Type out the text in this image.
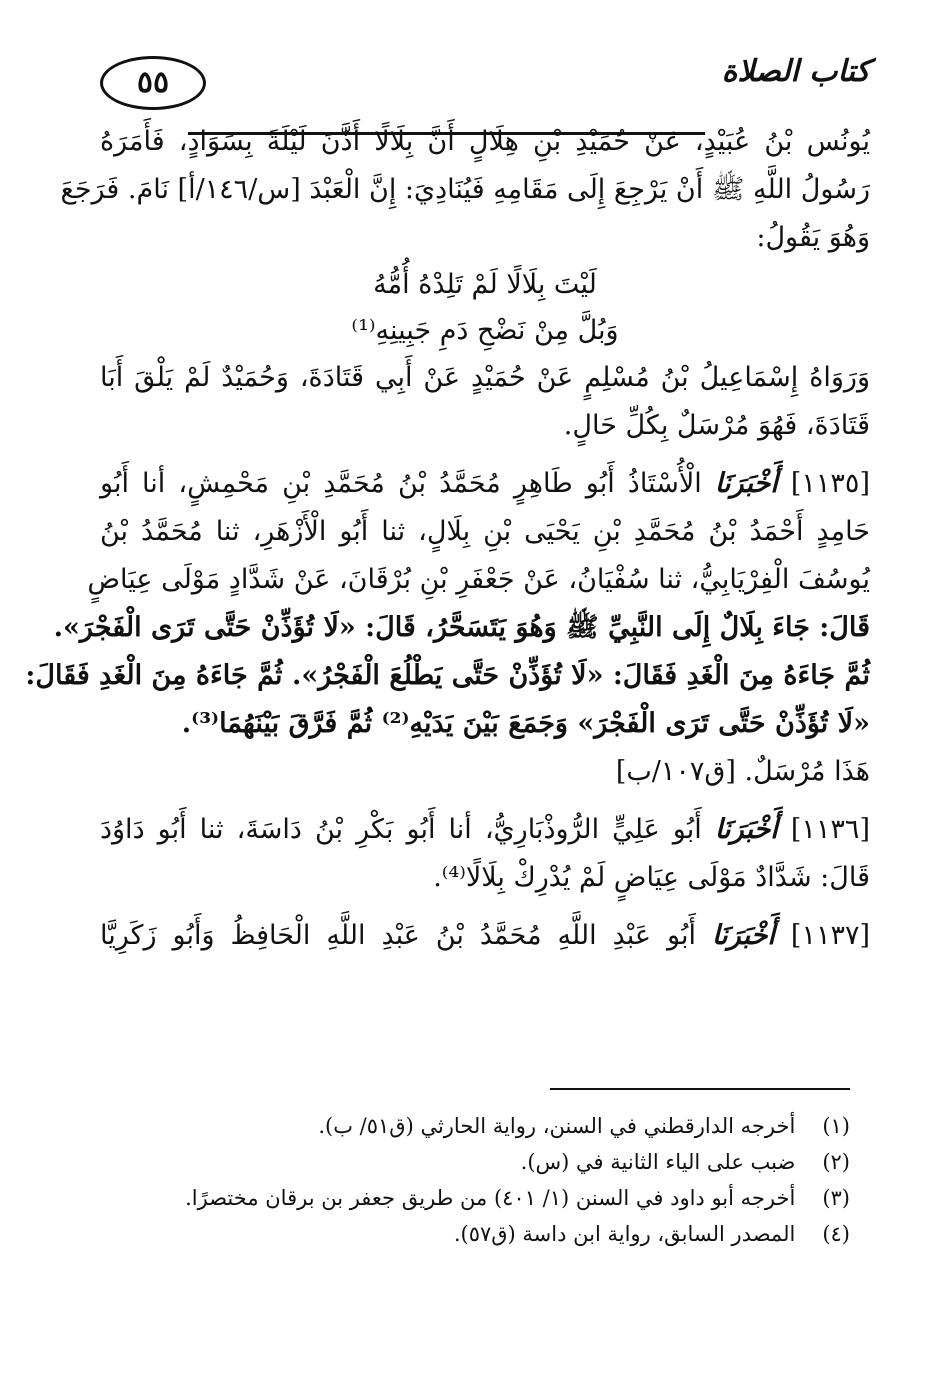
٥٥	كتاب الصلاة
يُونُس بْنُ عُبَيْدٍ، عَنْ حُمَيْدِ بْنِ هِلَالٍ أَنَّ بِلَالًا أَذَّنَ لَيْلَةً بِسَوَادٍ، فَأَمَرَهُ
رَسُولُ اللَّهِ ﷺ أَنْ يَرْجِعَ إِلَى مَقَامِهِ فَيُنَادِيَ: إِنَّ الْعَبْدَ [س/١٤٦/أ] نَامَ. فَرَجَعَ
وَهُوَ يَقُولُ:
لَيْتَ بِلَالًا لَمْ تَلِدْهُ أُمُّهُ
وَبُلَّ مِنْ نَضْحِ دَمِ جَبِينِهِ⁽¹⁾
وَرَوَاهُ إِسْمَاعِيلُ بْنُ مُسْلِمٍ عَنْ حُمَيْدٍ عَنْ أَبِي قَتَادَةَ، وَحُمَيْدٌ لَمْ يَلْقَ أَبَا
قَتَادَةَ، فَهُوَ مُرْسَلٌ بِكُلِّ حَالٍ.
[١١٣٥] أَخْبَرَنَا الْأُسْتَاذُ أَبُو طَاهِرٍ مُحَمَّدُ بْنُ مُحَمَّدِ بْنِ مَحْمِشٍ، أنا أَبُو
حَامِدٍ أَحْمَدُ بْنُ مُحَمَّدِ بْنِ يَحْيَى بْنِ بِلَالٍ، ثنا أَبُو الْأَزْهَرِ، ثنا مُحَمَّدُ بْنُ
يُوسُفَ الْفِرْيَابِيُّ، ثنا سُفْيَانُ، عَنْ جَعْفَرِ بْنِ بُرْقَانَ، عَنْ شَدَّادٍ مَوْلَى عِيَاضٍ
قَالَ: جَاءَ بِلَالٌ إِلَى النَّبِيِّ ﷺ وَهُوَ يَتَسَحَّرُ، قَالَ: «لَا تُؤَذِّنْ حَتَّى تَرَى الْفَجْرَ».
ثُمَّ جَاءَهُ مِنَ الْغَدِ فَقَالَ: «لَا تُؤَذِّنْ حَتَّى يَطْلُعَ الْفَجْرُ». ثُمَّ جَاءَهُ مِنَ الْغَدِ فَقَالَ:
«لَا تُؤَذِّنْ حَتَّى تَرَى الْفَجْرَ» وَجَمَعَ بَيْنَ يَدَيْهِ⁽²⁾ ثُمَّ فَرَّقَ بَيْنَهُمَا⁽³⁾.
هَذَا مُرْسَلٌ. [ق١٠٧/ب]
[١١٣٦] أَخْبَرَنَا أَبُو عَلِيٍّ الرُّوذْبَارِيُّ، أنا أَبُو بَكْرِ بْنُ دَاسَةَ، ثنا أَبُو دَاوُدَ
قَالَ: شَدَّادٌ مَوْلَى عِيَاضٍ لَمْ يُدْرِكْ بِلَالًا⁽⁴⁾.
[١١٣٧] أَخْبَرَنَا أَبُو عَبْدِ اللَّهِ مُحَمَّدُ بْنُ عَبْدِ اللَّهِ الْحَافِظُ وَأَبُو زَكَرِيَّا
(١) أخرجه الدارقطني في السنن، رواية الحارثي (ق٥١/ ب).
(٢) ضبب على الياء الثانية في (س).
(٣) أخرجه أبو داود في السنن (١/ ٤٠١) من طريق جعفر بن برقان مختصرًا.
(٤) المصدر السابق، رواية ابن داسة (ق٥٧).
